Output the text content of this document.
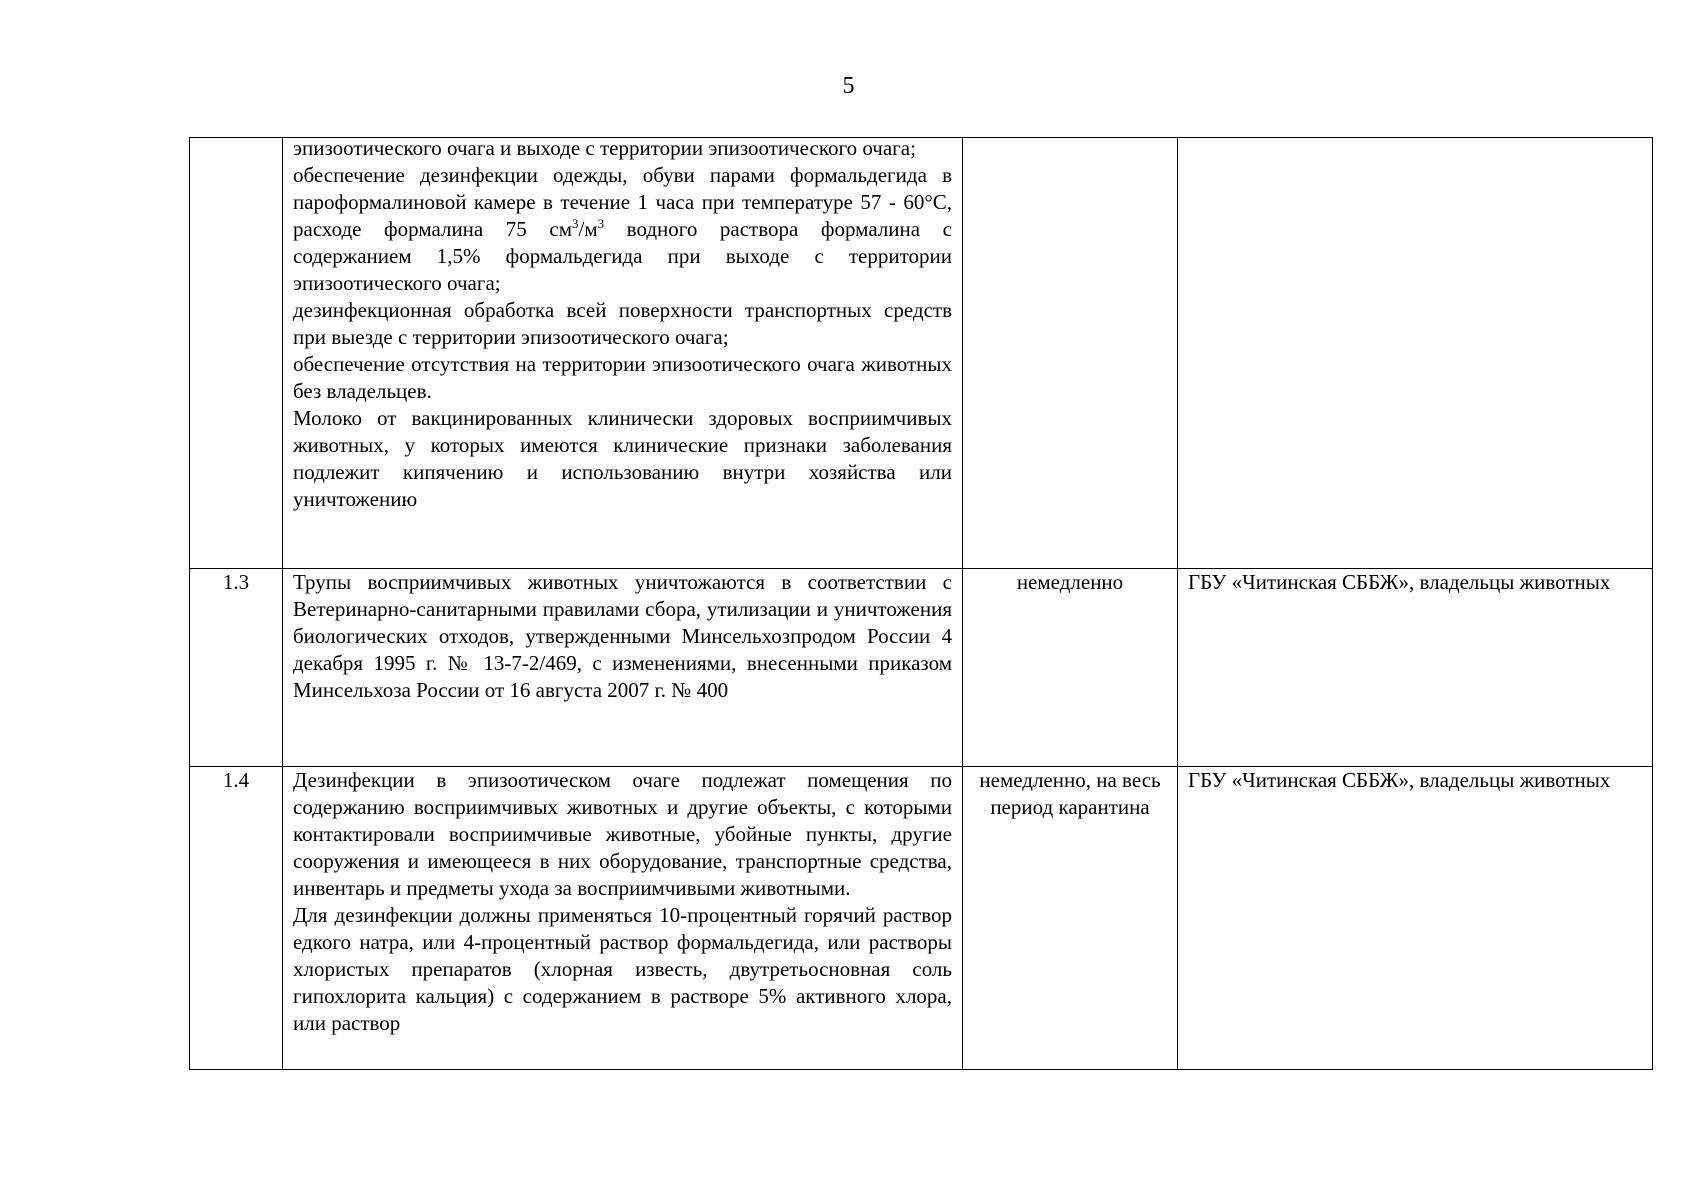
5

	эпизоотического очага и выходе с территории эпизоотического очага;

обеспечение дезинфекции одежды, обуви парами формальдегида в пароформалиновой камере в течение 1 часа при температуре 57 - 60°С, расходе формалина 75 $см^3/м^3$ водного раствора формалина с содержанием 1,5% формальдегида при выходе с территории эпизоотического очага;

дезинфекционная обработка всей поверхности транспортных средств при выезде с территории эпизоотического очага;

обеспечение отсутствия на территории эпизоотического очага животных без владельцев.

Молоко от вакцинированных клинически здоровых восприимчивых животных, у которых имеются клинические признаки заболевания подлежит кипячению и использованию внутри хозяйства или уничтожению		

1.3	Трупы восприимчивых животных уничтожаются в соответствии с Ветеринарно-санитарными правилами сбора, утилизации и уничтожения биологических отходов, утвержденными Минсельхозпродом России 4 декабря 1995 г. № 13-7-2/469, с изменениями, внесенными приказом Минсельхоза России от 16 августа 2007 г. № 400	немедленно	ГБУ «Читинская СББЖ», владельцы животных

1.4	Дезинфекции в эпизоотическом очаге подлежат помещения по содержанию восприимчивых животных и другие объекты, с которыми контактировали восприимчивые животные, убойные пункты, другие сооружения и имеющееся в них оборудование, транспортные средства, инвентарь и предметы ухода за восприимчивыми животными.

Для дезинфекции должны применяться 10-процентный горячий раствор едкого натра, или 4-процентный раствор формальдегида, или растворы хлористых препаратов (хлорная известь, двутретьосновная соль гипохлорита кальция) с содержанием в растворе 5% активного хлора, или раствор	немедленно, на весь период карантина	ГБУ «Читинская СББЖ», владельцы животных
